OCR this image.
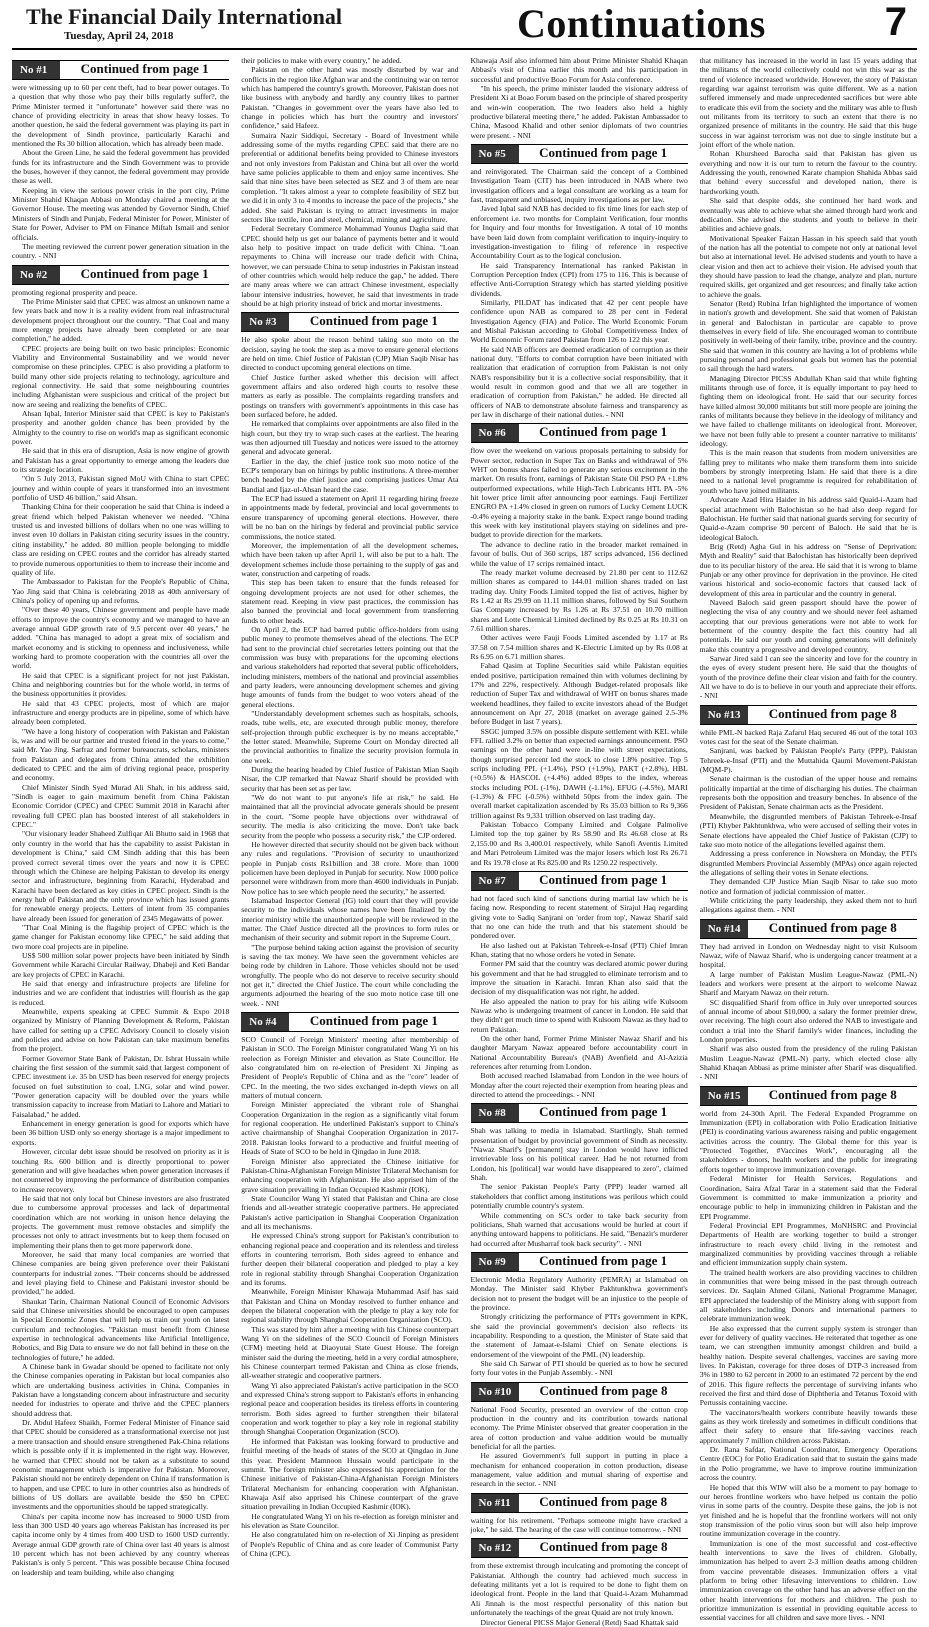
The Financial Daily International
Tuesday, April 24, 2018	Continuations	7
No #1	Continued from page 1

were witnessing up to 60 per cent theft, had to bear power outages. To a question that why those who pay their bills regularly suffer?, the Prime Minister termed it "unfortunate" however said there was no chance of providing electricity in areas that show heavy losses. To another question, he said the federal government was playing its part in the development of Sindh province, particularly Karachi and mentioned the Rs 30 billion allocation, which has already been made.

About the Green Line, he said the federal government has provided funds for its infrastructure and the Sindh Government was to provide the buses, however if they cannot, the federal government may provide these as well.

Keeping in view the serious power crisis in the port city, Prime Minister Shahid Khaqan Abbasi on Monday chaired a meeting at the Governor House. The meeting was attended by Governor Sindh, Chief Ministers of Sindh and Punjab, Federal Minister for Power, Minister of State for Power, Adviser to PM on Finance Miftah Ismail and senior officials.

The meeting reviewed the current power generation situation in the country. - NNI

No #2	Continued from page 1

promoting regional prosperity and peace.

The Prime Minister said that CPEC was almost an unknown name a few years back and now it is a reality evident from real infrastructural development project throughout our the country. "That Coal and many more energy projects have already been completed or are near completion," he added.

CPEC projects are being built on two basic principles: Economic Viability and Environmental Sustainability and we would never compromise on these principles. CPEC is also providing a platform to build many other side projects relating to technology, agriculture and regional connectivity. He said that some neighbouring countries including Afghanistan were suspicious and critical of the project but now are seeing and realizing the benefits of CPEC.

Ahsan Iqbal, Interior Minister said that CPEC is key to Pakistan's prosperity and another golden chance has been provided by the Almighty to the country to rise on world's map as significant economic power.

He said that in this era of disruption, Asia is now engine of growth and Pakistan has a great opportunity to emerge among the leaders due to its strategic location.

"On 5 July 2013, Pakistan signed MoU with China to start CPEC journey and within couple of years it transformed into an investment portfolio of USD 46 billion," said Ahsan.

Thanking China for their cooperation he said that China is indeed a great friend which helped Pakistan whenever we needed. "China trusted us and invested billions of dollars when no one was willing to invest even 10 dollars in Pakistan citing security issues in the country, citing instability," he added. 80 million people belonging to middle class are residing on CPEC routes and the corridor has already started to provide numerous opportunities to them to increase their income and quality of life.

The Ambassador to Pakistan for the People's Republic of China, Yao Jing said that China is celebrating 2018 as 40th anniversary of China's policy of opening up and reforms.

"Over these 40 years, Chinese government and people have made efforts to improve the country's economy and we managed to have an average annual GDP growth rate of 9.5 percent over 40 years," he added. "China has managed to adopt a great mix of socialism and market economy and is sticking to openness and inclusiveness, while working hard to promote cooperation with the countries all over the world.

He said that CPEC is a significant project for not just Pakistan, China and neighboring countries but for the whole world, in terms of the business opportunities it provides.

He said that 43 CPEC projects, most of which are major infrastructure and energy products are in pipeline, some of which have already been completed.

"We have a long history of cooperation with Pakistan and Pakistan is, was and will be our partner and trusted friend in the years to come," said Mr. Yao Jing. Sarfraz and former bureaucrats, scholars, ministers from Pakistan and delegates from China attended the exhibition dedicated to CPEC and the aim of driving regional peace, prosperity and economy.

Chief Minister Sindh Syed Murad Ali Shah, in his address said, "Sindh is eager to gain maximum benefit from China Pakistan Economic Corridor (CPEC) and CPEC Summit 2018 in Karachi after revealing full CPEC plan has boosted interest of all stakeholders in CPEC."

"Our visionary leader Shaheed Zulfiqar Ali Bhutto said in 1968 that only country in the world that has the capability to assist Pakistan in development is China," said CM Sindh adding that this has been proved correct several times over the years and now it is CPEC through which the Chinese are helping Pakistan to develop its energy sector and infrastructure, beginning from Karachi, Hyderabad and Karachi have been declared as key cities in CPEC project. Sindh is the energy hub of Pakistan and the only province which has issued grants for renewable energy projects. Letters of intent from 35 companies have already been issued for generation of 2345 Megawatts of power.

"Thar Coal Mining is the flagship project of CPEC which is the game changer for Pakistan economy like CPEC," he said adding that two more coal projects are in pipeline.

US$ 500 million solar power projects have been initiated by Sindh Government while Karachi Circular Railway, Dhabeji and Keti Bandar are key projects of CPEC in Karachi.

He said that energy and infrastructure projects are lifeline for industries and we are confident that industries will flourish as the gap is reduced.

Meanwhile, experts speaking at CPEC Summit & Expo 2018 organized by Ministry of Planning Development & Reform, Pakistan have called for setting up a CPEC Advisory Council to closely vision and policies and advise on how Pakistan can take maximum benefits from the project.

Former Governor State Bank of Pakistan, Dr. Ishrat Hussain while chairing the first session of the summit said that largest component of CPEC investment i.e. 35 bn USD has been reserved for energy projects focused on fuel substitution to coal, LNG, solar and wind power. "Power generation capacity will be doubled over the years while transmission capacity to increase from Matiari to Lahore and Matiari to Faisalabad," he added.

Enhancement in energy generation is good for exports which have been 36 billion USD only so energy shortage is a major impediment to exports.

However, circular debt issue should be resolved on priority as it is touching Rs. 600 billion and is directly proportional to power generation and will give headaches when power generation increases if not countered by improving the performance of distribution companies to increase recovery.

He said that not only local but Chinese investors are also frustrated due to cumbersome approval processes and lack of departmental coordination which are not working in unison hence delaying the projects. The government must remove obstacles and simplify the processes not only to attract investments but to keep them focused on implementing their plans then to get more paperwork done.

Moreover, he said that many local companies are worried that Chinese companies are being given preference over their Pakistani counterparts for industrial zones. "Their concerns should be addressed and level playing field to Chinese and Pakistani investor should be provided," he added.

Shaukat Tarin, Chairman National Council of Economic Advisors said that Chinese universities should be encouraged to open campuses in Special Economic Zones that will help us train our youth on latest curriculum and technologies. "Pakistan must benefit from Chinese expertise in technological advancements like Artificial Intelligence, Robotics, and Big Data to ensure we do not fall behind in these on the technologies of future," he added.

A Chinese bank in Gwadar should be opened to facilitate not only the Chinese companies operating in Pakistan but local companies also which are undertaking business activities in China. Companies in Pakistan have a longstanding concern about infrastructure and security needed for industries to operate and thrive and the CPEC planners should address that.

Dr. Abdul Hafeez Shaikh, Former Federal Minister of Finance said that CPEC should be considered as a transformational exercise not just a mere transaction and should ensure strengthened Pak-China relations which is possible only if it is implemented in the right way. However, he warned that CPEC should not be taken as a substitute to sound economic management which is imperative for Pakistan. Moreover, Pakistan should not be entirely dependent on China if transformation is to happen, and use CPEC to lure in other countries also as hundreds of billions of US dollars are available beside the $50 bn CPEC investments and the opportunities should be tapped strategically.

China's per capita income now has increased to 9000 USD from less than 300 USD 40 years ago whereas Pakistan has increased its per capita income only by 4 times from 400 USD to 1600 USD currently. Average annual GDP growth rate of China over last 40 years is almost 10 percent which has not been achieved by any country whereas Pakistan's is only 5 percent. "This was possible because China focused on leadership and team building, while also changing

their policies to make with every country," he added.

Pakistan on the other hand was mostly disturbed by war and conflicts in the region like Afghan war and the continuing war on terror which has hampered the country's growth. Moreover, Pakistan does not like business with anybody and hardly any country likes to partner Pakistan. "Changes in government over the years have also led to change in policies which has hurt the country and investors' confidence," said Hafeez.

Sumaira Nazir Siddiqui, Secretary - Board of Investment while addressing some of the myths regarding CPEC said that there are no preferential or additional benefits being provided to Chinese investors and not only investors from Pakistan and China but all over the world have same policies applicable to them and enjoy same incentives. She said that nine sites have been selected as SEZ and 3 of them are near completion. "It takes almost a year to complete feasibility of SEZ but we did it in only 3 to 4 months to increase the pace of the projects," she added. She said Pakistan is trying to attract investments in major sectors like textile, iron and steel, chemical, mining and agriculture.

Federal Secretary Commerce Mohammad Younus Dagha said that CPEC should help us get our balance of payments better and it would also help to positive impact on trade deficit with China. "Loan repayments to China will increase our trade deficit with China, however, we can persuade China to setup industries in Pakistan instead of other countries which would help reduce the gap," he added. There are many areas where we can attract Chinese investment, especially labour intensive industries, however, he said that investments in trade should be at high priority instead of brick and mortar investments.

No #3	Continued from page 1

He also spoke about the reason behind taking suo moto on the decision, saying he took the step as a move to ensure general elections are held on time. Chief Justice of Pakistan (CJP) Mian Saqib Nisar has directed to conduct upcoming general elections on time.

Chief Justice further asked whether this decision will affect government affairs and also ordered high courts to resolve these matters as early as possible. The complaints regarding transfers and postings on transfers with government's appointments in this case has been surfaced before, he added.

He remarked that complaints over appointments are also filed in the high court, but they try to wrap such cases at the earliest. The hearing was then adjourned till Tuesday and notices were issued to the attorney general and advocate general.

Earlier in the day, the chief justice took suo moto notice of the ECP's temporary ban on hirings by public institutions. A three-member bench headed by the chief justice and comprising justices Umar Ata Bandial and Ijaz-ul-Ahsan heard the case.

The ECP had issued a statement on April 11 regarding hiring freeze in appointments made by federal, provincial and local governments to ensure transparency of upcoming general elections. However, there will be no ban on the hirings by federal and provincial public service commissions, the notice stated.

Moreover, the implementation of all the development schemes, which have been taken up after April 1, will also be put to a halt. The development schemes include those pertaining to the supply of gas and water, construction and carpeting of roads.

This step has been taken to ensure that the funds released for ongoing development projects are not used for other schemes, the statement read. Keeping in view past practices, the commission has also banned the provincial and local government from transferring funds to other heads.

On April 2, the ECP had barred public office-holders from using public money to promote themselves ahead of the elections. The ECP had sent to the provincial chief secretaries letters pointing out that the commission was busy with preparations for the upcoming elections and various stakeholders had reported that several public officeholders, including ministers, members of the national and provincial assemblies and party leaders, were announcing development schemes and giving huge amounts of funds from the budget to woo voters ahead of the general elections.

"Understandably development schemes such as hospitals, schools, roads, tube wells, etc, are executed through public money, therefore self-projection through public exchequer is by no means acceptable," the letter stated. Meanwhile, Supreme Court on Monday directed all the provincial authorities to finalize the security provision formula in one week.

During the hearing headed by Chief Justice of Pakistan Mian Saqib Nisar, the CJP remarked that Nawaz Sharif should be provided with security that has been set as per law.

"We do not want to put anyone's life at risk," he said. He maintained that all the provincial advocate generals should be present in the court. "Some people have objections over withdrawal of security. The media is also criticizing the move. Don't take back security from the people who possess a security risk," the CJP ordered.

He however directed that security should not be given back without any rules and regulations. "Provision of security to unauthorized people in Punjab costs Rs1billion and 38 crore. More than 1000 policemen have been deployed in Punjab for security. Now 1000 police personnel were withdrawn from more than 4600 individuals in Punjab. Now police has to see which people need the security," he asserted.

Islamabad Inspector General (IG) told court that they will provide security to the individuals whose names have been finalized by the interior ministry while the unauthorized people will be reviewed in the matter. The Chief Justice directed all the provinces to form rules or mechanism of their security and submit report in the Supreme Court.

"The purpose behind taking action against the provision of security is saving the tax money. We have seen the government vehicles are being rode by children in Lahore. Those vehicles should not be used wrongfully. The people who do not deserve to receive security should not get it," directed the Chief Justice. The court while concluding the arguments adjourned the hearing of the suo moto notice case till one week. - NNI

No #4	Continued from page 1

SCO Council of Foreign Ministers' meeting after membership of Pakistan in SCO. The Foreign Minister congratulated Wang Yi on his reelection as Foreign Minister and elevation as State Councillor. He also congratulated him on re-election of President Xi Jinping as President of People's Republic of China and as the "core" leader of CPC. In the meeting, the two sides exchanged in-depth views on all matters of mutual concern.

Foreign Minister appreciated the vibrant role of Shanghai Cooperation Organization in the region as a significantly vital forum for regional cooperation. He underlined Pakistan's support to China's active chairmanship of Shanghai Cooperation Organization in 2017-2018. Pakistan looks forward to a productive and fruitful meeting of Heads of State of SCO to be held in Qingdao in June 2018.

Foreign Minister also appreciated the Chinese initiative for Pakistan-China-Afghanistan Foreign Minister Trilateral Mechanism for enhancing cooperation with Afghanistan. He also apprised him of the grave situation prevailing in Indian Occupied Kashmir (IOK).

State Councilor Wang Yi stated that Pakistan and China are close friends and all-weather strategic cooperative partners. He appreciated Pakistan's active participation in Shanghai Cooperation Organization and all its mechanisms.

He expressed China's strong support for Pakistan's contribution to enhancing regional peace and cooperation and its relentless and tireless efforts in countering terrorism. Both sides agreed to enhance and further deepen their bilateral cooperation and pledged to play a key role in regional stability through Shanghai Cooperation Organization and its forums.

Meanwhile, Foreign Minister Khawaja Muhammad Asif has said that Pakistan and China on Monday resolved to further enhance and deepen the bilateral cooperation with the pledge to play a key role for regional stability through Shanghai Cooperation Organization (SCO).

This was stated by him after a meeting with his Chinese counterpart Wang Yi on the sidelines of the SCO Council of Foreign Ministers (CFM) meeting held at Diaoyutai State Guest House. The foreign minister said the during the meeting, held in a very cordial atmosphere, his Chinese counterpart termed Pakistan and China as close friends, all-weather strategic and cooperative partners.

Wang Yi also appreciated Pakistan's active participation in the SCO and expressed China's strong support to Pakistan's efforts in enhancing regional peace and cooperation besides its tireless efforts in countering terrorism. Both sides agreed to further strengthen their bilateral cooperation and work together to play a key role in regional stability through Shanghai Cooperation Organization (SCO).

He informed that Pakistan was looking forward to productive and fruitful meeting of the heads of states of the SCO at Qingdao in June this year. President Mamnoon Hussain would participate in the summit. The foreign minister also expressed his appreciation for the Chinese initiative of Pakistan-China-Afghanistan Foreign Ministers Trilateral Mechanism for enhancing cooperation with Afghanistan. Khawaja Asif also apprised his Chinese counterpart of the grave situation prevailing in Indian Occupied Kashmir (IOK).

He congratulated Wang Yi on his re-election as foreign minister and his elevation as State Councilor.

He also congratulated him on re-election of Xi Jinping as president of People's Republic of China and as core leader of Communist Party of China (CPC).

Khawaja Asif also informed him about Prime Minister Shahid Khaqan Abbasi's visit of China earlier this month and his participation in successful and productive Boao Forum for Asia conference.

"In his speech, the prime minister lauded the visionary address of President Xi at Boao Forum based on the principle of shared prosperity and win-win cooperation. The two leaders also held a highly productive bilateral meeting there," he added. Pakistan Ambassador to China, Masood Khalid and other senior diplomats of two countries were present. - NNI

No #5	Continued from page 1

and reinvigorated. The Chairman said the concept of a Combined Investigation Team (CIT) has been introduced in NAB where two investigation officers and a legal consultant are working as a team for fast, transparent and unbiased, inquiry investigations as per law.

Javed Iqbal said NAB has decided to fix time lines for each step of enforcement i.e. two months for Complaint Verification, four months for Inquiry and four months for Investigation. A total of 10 months have been laid down from complaint verification to inquiry-inquiry to investigation-investigation to filing of reference in respective Accountability Court as to the logical conclusion.

He said Transparency International has ranked Pakistan in Corruption Perception Index (CPI) from 175 to 116. This is because of effective Anti-Corruption Strategy which has started yielding positive dividends.

Similarly, PILDAT has indicated that 42 per cent people have confidence upon NAB as compared to 28 per cent in Federal Investigation Agency (FIA) and Police. The World Economic Forum and Mishal Pakistan according to Global Competitiveness Index of World Economic Forum rated Pakistan from 126 to 122 this year.

He said NAB officers are deemed eradication of corruption as their national duty. "Efforts to combat corruption have been initiated with realization that eradication of corruption from Pakistan is not only NAB's responsibility but it is a collective social responsibility, that it would result in common good and that we all are together in eradication of corruption from Pakistan," he added. He directed all officers of NAB to demonstrate absolute fairness and transparency as per law in discharge of their national duties. - NNI

No #6	Continued from page 1

flow over the weekend on various proposals pertaining to subsidy for Power sector, reduction in Super Tax on Banks and withdrawal of 5% WHT on bonus shares failed to generate any serious excitement in the market. On results front, earnings of Pakistan State Oil PSO PA +1.8% outperformed expectations, while High-Tech Lubricants HTL PA -5% hit lower price limit after announcing poor earnings. Fauji Fertilizer ENGRO PA +1.4% closed in green on rumors of Lucky Cement LUCK -0.4% eyeing a majority stake in the bank. Expect range bound trading this week with key institutional players staying on sidelines and pre-budget to provide direction for the markets.

The advance to decline ratio in the broader market remained in favour of bulls. Out of 360 scrips, 187 scrips advanced, 156 declined while the value of 17 scrips remained intact.

The ready market volume decreased by 21.80 per cent to 112.62 million shares as compared to 144.01 million shares traded on last trading day. Unity Foods Limited topped the list of actives, higher by Rs 1.42 at Rs 29.99 on 11.11 million shares, followed by Sui Southern Gas Company increased by Rs 1.26 at Rs 37.51 on 10.70 million shares and Lotte Chemical Limited declined by Rs 0.25 at Rs 10.31 on 7.61 million shares.

Other actives were Fauji Foods Limited ascended by 1.17 at Rs 37.58 on 7.54 million shares and K-Electric Limited up by Rs 0.08 at Rs 6.95 on 6.71 million shares.

Fahad Qasim at Topline Securities said while Pakistan equities ended positive, participation remained thin with volumes declining by 17% and 22%, respectively. Although Budget-related proposals like reduction of Super Tax and withdrawal of WHT on bonus shares made weekend headlines, they failed to excite investors ahead of the Budget announcement on Apr 27, 2018 (market on average gained 2.5-3% before Budget in last 7 years).

SSGC jumped 3.5% on possible dispute settlement with KEL while FFL rallied 3.2% on better than expected earnings announcement. PSO earnings on the other hand were in-line with street expectations, though surprised percent led the stock to close 1.8% positive. Top 5 scrips including PPL (+1.4%), PSO (+1.9%), PAKT (+2.8%), HBL (+0.5%) & HASCOL (+4.4%) added 89pts to the index, whereas stocks including POL (-1%), DAWH (-1.1%), EFUG (-4.5%), MARI (-1.3%) & FFC (-0.5%) withheld 50pts from the index gain. The overall market capitalization ascended by Rs 35.03 billion to Rs 9,366 trillion against Rs 9,331 trillion observed on last trading day.

Pakistan Tobacco Company Limited and Colgate Palmolive Limited top the top gainer by Rs 58.90 and Rs 46.68 close at Rs 2,155.00 and Rs 3,400.01 respectively, while Sanofi Aventis Limited and Mari Petroleum Limited was the major losers which lost Rs 26.71 and Rs 19.78 close at Rs 825.00 and Rs 1250.22 respectively.

No #7	Continued from page 1

had not faced such kind of sanctions during martial law which he is facing now. Responding to recent statement of Sirajul Haq regarding giving vote to Sadiq Sanjrani on 'order from top', Nawaz Sharif said that no one can hide the truth and that his statement should be pondered over.

He also lashed out at Pakistan Tehreek-e-Insaf (PTI) Chief Imran Khan, stating that no whose orders he voted in Senate.

Former PM said that the country was declared atomic power during his government and that he had struggled to eliminate terrorism and to improve the situation in Karachi. Imran Khan also said that the decision of my disqualification was not right, he added.

He also appealed the nation to pray for his ailing wife Kulsoom Nawaz who is undergoing treatment of cancer in London. He said that they didn't get much time to spend with Kulsoom Nawaz as they had to return Pakistan.

On the other hand, Former Prime Minister Nawaz Sharif and his daughter Maryam Nawaz appeared before accountability court in National Accountability Bureau's (NAB) Avenfield and Al-Azizia references after returning from London.

Both accused reached Islamabad from London in the wee hours of Monday after the court rejected their exemption from hearing pleas and directed to attend the proceedings. - NNI

No #8	Continued from page 1

Shah was talking to media in Islamabad. Startlingly, Shah termed presentation of budget by provincial government of Sindh as necessity. "Nawaz Sharif's [permanent] stay in London would have inflicted irretrievable loss on his political career. Had he not returned from London, his [political] war would have disappeared to zero", claimed Shah.

The senior Pakistan People's Party (PPP) leader warned all stakeholders that conflict among institutions was perilous which could potentially crumble country's system.

While commenting on SC's order to take back security from politicians, Shah warned that accusations would be hurled at court if anything untoward happens to politicians. He said, "Benazir's murderer had occurred after Musharraf took back security". - NNI

No #9	Continued from page 1

Electronic Media Regulatory Authority (PEMRA) at Islamabad on Monday. The Minister said Khyber Pakhtunkhwa government's decision not to present the budget will be an injustice to the people of the province.

Strongly criticizing the performance of PTI's government in KPK, she said the provincial government's decision also reflects its incapability. Responding to a question, the Minister of State said that the statement of Jamaat-e-Islami Chief on Senate elections is endorsement of the viewpoint of the PML (N) leadership.

She said Ch Sarwar of PTI should be queried as to how he secured forty four votes in the Punjab Assembly. - NNI

No #10	Continued from page 8

National Food Security, presented an overview of the cotton crop production in the country and its contribution towards national economy. The Prime Minister observed that greater cooperation in the area of cotton production and value addition would be mutually beneficial for all the parties.

He assured Government's full support in putting in place a mechanism for enhanced cooperation in cotton production, disease management, value addition and mutual sharing of expertise and research in the sector. - NNI

No #11	Continued from page 8

waiting for his retirement. "Perhaps someone might have cracked a joke," he said. The hearing of the case will continue tomorrow. - NNI

No #12	Continued from page 8

from these extremist through inculcating and promoting the concept of Pakistaniat. Although the country had achieved much success in defeating militants yet a lot is required to be done to fight them on ideological front. People in the land that Quaid-i-Azam Muhammad Ali Jinnah is the most respectful personality of this nation but unfortunately the teachings of the great Quaid are not truly known.

Director General PICSS Major General (Retd) Saad Khattak said

that militancy has increased in the world in last 15 years adding that the militants of the world collectively could not win this war as the trend of violence increased worldwide. However, the story of Pakistan regarding war against terrorism was quite different. We as a nation suffered immensely and made unprecedented sacrifices but were able to eradicate this evil from the society and the military was able to flush out militants from its territory to such an extent that there is no organized presence of militants in the country. He said that this huge success in war against terrorism was not due to single institute but a joint effort of the whole nation.

Rohan Khursheed Barocha said that Pakistan has given us everything and now it is our turn to return the favour to the country. Addressing the youth, renowned Karate champion Shahida Abbas said that behind every successful and developed nation, there is hardworking youth.

She said that despite odds, she continued her hard work and eventually was able to achieve what she aimed through hard work and dedication. She advised the students and youth to believe in their abilities and achieve goals.

Motivational Speaker Faizan Hassan in his speech said that youth of the nation has all the potential to compete not only at national level but also at international level. He advised students and youth to have a clear vision and then act to achieve their vision. He advised youth that they should have passion to lead the change, analyze and plan, nurture required skills, get organized and get resources; and finally take action to achieve the goals.

Senator (Retd) Rubina Irfan highlighted the importance of women in nation's growth and development. She said that women of Pakistan in general and Balochistan in particular are capable to prove themselves in every field of life. She encouraged woman to contribute positively in well-being of their family, tribe, province and the country. She said that women in this country are having a lot of problems while pursuing personal and professional goals but women has the potential to sail through the hard waters.

Managing Director PICSS Abdullah Khan said that while fighting militants through use of force, it is equally important to pay heed to fighting them on ideological front. He said that our security forces have killed almost 30,000 militants but still more people are joining the ranks of militants because they believe in the ideology of militancy and we have failed to challenge militants on ideological front. Moreover, we have not been fully able to present a counter narrative to militants' ideology.

This is the main reason that students from modern universities are falling prey to militants who make them transform them into suicide bombers by strongly interpreting Islam. He said that there is a dire need to a national level programme is required for rehabilitation of youth who have joined militants.

Advocate Azad Hira Haider in his address said Quaid-i-Azam had special attachment with Balochistan so he had also deep regard for Balochistan. He further said that national guards serving for security of Quaid-e-Azam comprise 90 percent of Baloch. He said that he is ideological Baloch.

Brig (Retd) Agha Gul in his address on "Sense of Deprivation: Myth and Reality" said that Balochistan has historically been deprived due to its peculiar history of the area. He said that it is wrong to blame Punjab or any other province for deprivation in the province. He cited various historical and socio-economic factors that caused lack of development of this area in particular and the country in general.

Naveed Baloch said green passport should have the power of neglecting the visa of any country and we should never feel ashamed accepting that our previous generations were not able to work for betterment of the country despite the fact this country had all potentials. He said our youth and coming generations will definitely make this country a progressive and developed country.

Sarwar Jired said I can see the sincerity and love for the country in the eyes of every student present here. He said that the thoughts of youth of the province define their clear vision and faith for the country. All we have to do is to believe in our youth and appreciate their efforts. - NNI

No #13	Continued from page 8

while PML-N backed Raja Zafarul Haq secured 46 out of the total 103 votes cast for the seat of the Senate chairman.

Sanjrani, was backed by Pakistan People's Party (PPP), Pakistan Tehreek-e-Insaf (PTI) and the Muttahida Qaumi Movement-Pakistan (MQM-P).

Senate chairman is the custodian of the upper house and remains politically impartial at the time of discharging his duties. The chairman represents both the opposition and treasury benches. In absence of the President of Pakistan, Senate chairman acts as the President.

Meanwhile, the disgruntled members of Pakistan Tehreek-e-Insaf (PTI) Khyber Pakhtunkhwa, who were accused of selling their votes in Senate elections have appealed the Chief Justice of Pakistan (CJP) to take suo moto notice of the allegations levelled against them.

Addressing a press conference in Nowshera on Monday, the PTI's disgruntled Members Provincial Assembly (MPAs) once again rejected the allegations of selling their votes in Senate elections.

They demanded CJP Justice Mian Saqib Nisar to take suo moto notice and formation of judicial commission of matter.

While criticizing the party leadership, they asked them not to hurl allegations against them. - NNI

No #14	Continued from page 8

They had arrived in London on Wednesday night to visit Kulsoom Nawaz, wife of Nawaz Sharif, who is undergoing cancer treatment at a hospital.

A large number of Pakistan Muslim League-Nawaz (PML-N) leaders and workers were present at the airport to welcome Nawaz Sharif and Maryam Nawaz on their return.

SC disqualified Sharif from office in July over unreported sources of annual income of about $10,000, a salary the former premier drew, over receiving. The high court also ordered the NAB to investigate and conduct a trial into the Sharif family's wider finances, including the London properties.

Sharif was also ousted from the presidency of the ruling Pakistan Muslim League-Nawaz (PML-N) party, which elected close ally Shahid Khaqan Abbasi as prime minister after Sharif was disqualified. - NNI

No #15	Continued from page 8

world from 24-30th April. The Federal Expanded Programme on Immunization (EPI) in collaboration with Polio Eradication Initiative (PEI) is coordinating various awareness raising and public engagement activities across the country. The Global theme for this year is "Protected Together, #Vaccines Work", encouraging all the stakeholders - donors, health workers and the public for integrating efforts together to improve immunization coverage.

Federal Minister for Health Services, Regulations and Coordination, Saira Afzal Tarar in a statement said that the Federal Government is committed to make immunization a priority and encourage public to help in immunizing children in Pakistan and the EPI Programme.

Federal Provincial EPI Programmes, MoNHSRC and Provincial Departments of Health are working together to build a stronger infrastructure to reach every child living in the remotest and marginalized communities by providing vaccines through a reliable and efficient immunization supply chain system.

The trained health workers are also providing vaccines to children in communities that were being missed in the past through outreach services. Dr. Saqlain Ahmed Gilani, National Programme Manager, EPI appreciated the leadership of the Ministry along with support from all stakeholders including Donors and international partners to celebrate immunization week.

He also expressed that the current supply system is stronger than ever for delivery of quality vaccines. He reiterated that together as one team, we can strengthen immunity amongst children and build a healthy nation. Despite several challenges, vaccines are saving more lives. In Pakistan, coverage for three doses of DTP-3 increased from 3% in 1980 to 62 percent in 2000 to an estimated 72 percent by the end of 2016. This figure reflects the percentage of surviving infants who received the first and third dose of Diphtheria and Tetanus Toxoid with Pertussis containing vaccine.

The vaccinators/health workers contribute heavily towards these gains as they work tirelessly and sometimes in difficult conditions that affect their safety to ensure that life-saving vaccines reach approximately 7 million children across Pakistan.

Dr. Rana Safdar, National Coordinator, Emergency Operations Centre (EOC) for Polio Eradication said that to sustain the gains made in the Polio programme, we have to improve routine immunization across the country.

He hoped that this WIW will also be a moment to pay homage to our heroes frontline workers who have helped us contain the polio virus in some parts of the country. Despite these gains, the job is not yet finished and he is hopeful that the frontline workers will not only stop transmission of the polio virus soon but will also help improve routine immunization coverage in the country.

Immunization is one of the most successful and cost-effective health interventions to save the lives of children. Globally, immunization has helped to avert 2-3 million deaths among children from vaccine preventable diseases. Immunization offers a vital platform to bring other lifesaving interventions to children. Low immunization coverage on the other hand has an adverse effect on the other health interventions for mothers and children. The push to prioritize immunization is essential in providing equitable access to essential vaccines for all children and save more lives. - NNI
